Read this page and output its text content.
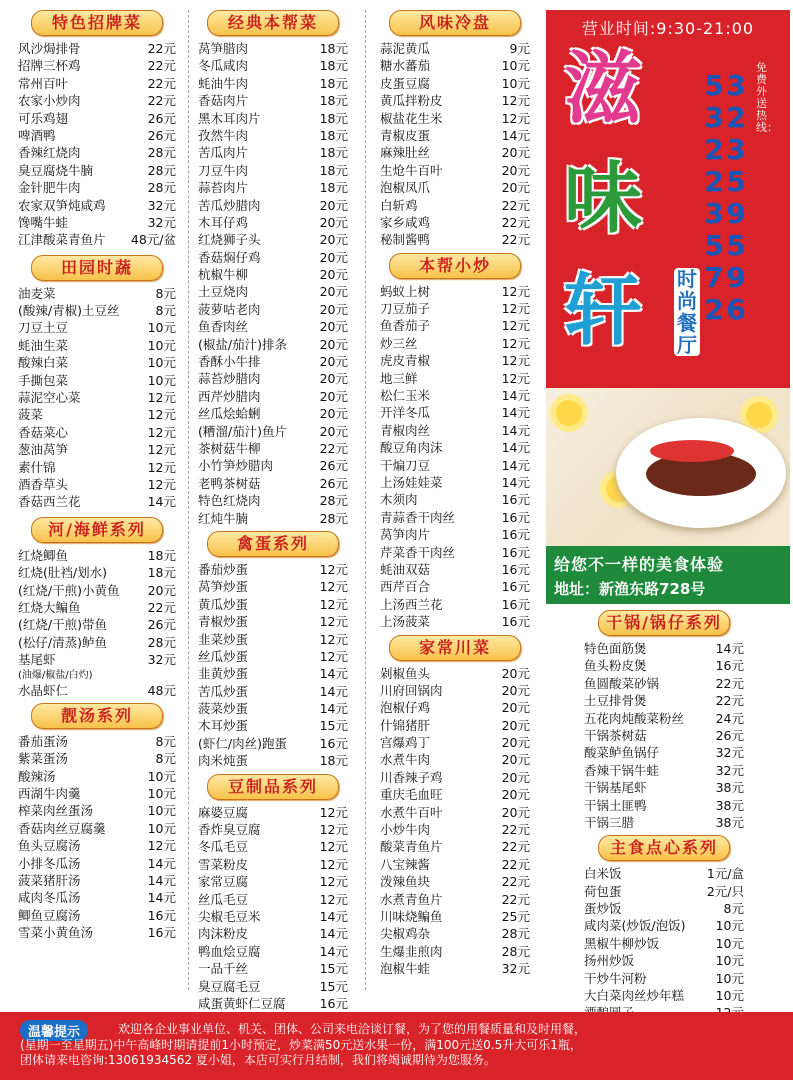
特色招牌菜
风沙焗排骨	22元
招牌三杯鸡	22元
常州百叶	22元
农家小炒肉	22元
可乐鸡翅	26元
啤酒鸭	26元
香辣红烧肉	28元
臭豆腐烧牛腩	28元
金针肥牛肉	28元
农家双笋炖咸鸡	32元
馋嘴牛蛙	32元
江津酸菜青鱼片 48元/盆
田园时蔬
油麦菜	8元
(酸辣/青椒)土豆丝	8元
刀豆土豆	10元
蚝油生菜	10元
酸辣白菜	10元
手撕包菜	10元
蒜泥空心菜	12元
菠菜	12元
香菇菜心	12元
葱油莴笋	12元
素什锦	12元
酒香草头	12元
香菇西兰花	14元
河/海鲜系列
红烧鲫鱼	18元
红烧(肚裆/划水)	18元
(红烧/干煎)小黄鱼 20元
红烧大鳊鱼	22元
(红烧/干煎)带鱼	26元
(松仔/清蒸)鲈鱼	28元
基尾虾	32元
(油爆/椒盐/白灼)
水晶虾仁	48元
靓汤系列
番茄蛋汤	8元
紫菜蛋汤	8元
酸辣汤	10元
西湖牛肉羹	10元
榨菜肉丝蛋汤	10元
香菇肉丝豆腐羹	10元
鱼头豆腐汤	12元
小排冬瓜汤	14元
菠菜猪肝汤	14元
咸肉冬瓜汤	14元
鲫鱼豆腐汤	16元
雪菜小黄鱼汤	16元
经典本帮菜
莴笋腊肉	18元
冬瓜咸肉	18元
蚝油牛肉	18元
香菇肉片	18元
黑木耳肉片	18元
孜然牛肉	18元
苦瓜肉片	18元
刀豆牛肉	18元
蒜苔肉片	18元
苦瓜炒腊肉	20元
木耳仔鸡	20元
红烧狮子头	20元
香菇焖仔鸡	20元
杭椒牛柳	20元
土豆烧肉	20元
菠萝咕老肉	20元
鱼香肉丝	20元
(椒盐/茄汁)排条	20元
香酥小牛排	20元
蒜苔炒腊肉	20元
西芹炒腊肉	20元
丝瓜烩蛤蜊	20元
(糟溜/茄汁)鱼片	20元
茶树菇牛柳	22元
小竹笋炒腊肉	26元
老鸭茶树菇	26元
特色红烧肉	28元
红炖牛腩	28元
禽蛋系列
番茄炒蛋	12元
莴笋炒蛋	12元
黄瓜炒蛋	12元
青椒炒蛋	12元
韭菜炒蛋	12元
丝瓜炒蛋	12元
韭黄炒蛋	14元
苦瓜炒蛋	14元
菠菜炒蛋	14元
木耳炒蛋	15元
(虾仁/肉丝)跑蛋	16元
肉米炖蛋	18元
豆制品系列
麻婆豆腐	12元
香炸臭豆腐	12元
冬瓜毛豆	12元
雪菜粉皮	12元
家常豆腐	12元
丝瓜毛豆	12元
尖椒毛豆米	14元
肉沫粉皮	14元
鸭血烩豆腐	14元
一品千丝	15元
臭豆腐毛豆	15元
咸蛋黄虾仁豆腐	16元
风味冷盘
蒜泥黄瓜	9元
糖水蕃茄	10元
皮蛋豆腐	10元
黄瓜拌粉皮	12元
椒盐花生米	12元
青椒皮蛋	14元
麻辣肚丝	20元
生炝牛百叶	20元
泡椒凤爪	20元
白斩鸡	22元
家乡咸鸡	22元
秘制酱鸭	22元
本帮小炒
蚂蚁上树	12元
刀豆茄子	12元
鱼香茄子	12元
炒三丝	12元
虎皮青椒	12元
地三鲜	12元
松仁玉米	14元
开洋冬瓜	14元
青椒肉丝	14元
酸豆角肉沫	14元
干煸刀豆	14元
上汤娃娃菜	14元
木须肉	16元
青蒜香干肉丝	16元
莴笋肉片	16元
芹菜香干肉丝	16元
蚝油双菇	16元
西芹百合	16元
上汤西兰花	16元
上汤菠菜	16元
家常川菜
剁椒鱼头	20元
川府回锅肉	20元
泡椒仔鸡	20元
什锦猪肝	20元
宫爆鸡丁	20元
水煮牛肉	20元
川香辣子鸡	20元
重庆毛血旺	20元
水煮牛百叶	20元
小炒牛肉	22元
酸菜青鱼片	22元
八宝辣酱	22元
泼辣鱼块	22元
水煮青鱼片	22元
川味烧鳊鱼	25元
尖椒鸡杂	28元
生爆韭煎肉	28元
泡椒牛蛙	32元
营业时间:9:30-21:00
滋
味
轩 时尚餐厅
免费外送热线：
53223572
32359596
给您不一样的美食体验
地址：新渔东路728号
干锅/锅仔系列
特色面筋煲	14元
鱼头粉皮煲	16元
鱼圆酸菜砂锅	22元
土豆排骨煲	22元
五花肉炖酸菜粉丝	24元
干锅茶树菇	26元
酸菜鲈鱼锅仔	32元
香辣干锅牛蛙	32元
干锅基尾虾	38元
干锅土匪鸭	38元
干锅三腊	38元
主食点心系列
白米饭	1元/盒
荷包蛋	2元/只
蛋炒饭	8元
咸肉菜(炒饭/泡饭) 10元
黑椒牛柳炒饭	10元
扬州炒饭	10元
干炒牛河粉	10元
大白菜肉丝炒年糕	10元
温馨提示	欢迎各企业事业单位、机关、团体、公司来电洽谈订餐，为了您的用餐质量和及时用餐，
(星期一至星期五)中午高峰时期请提前1小时预定，炒菜满50元送水果一份，满100元送0.5升大可乐1瓶，
团体请来电咨询:13061934562 夏小姐，本店可实行月结制，我们将竭诚期待为您服务。
